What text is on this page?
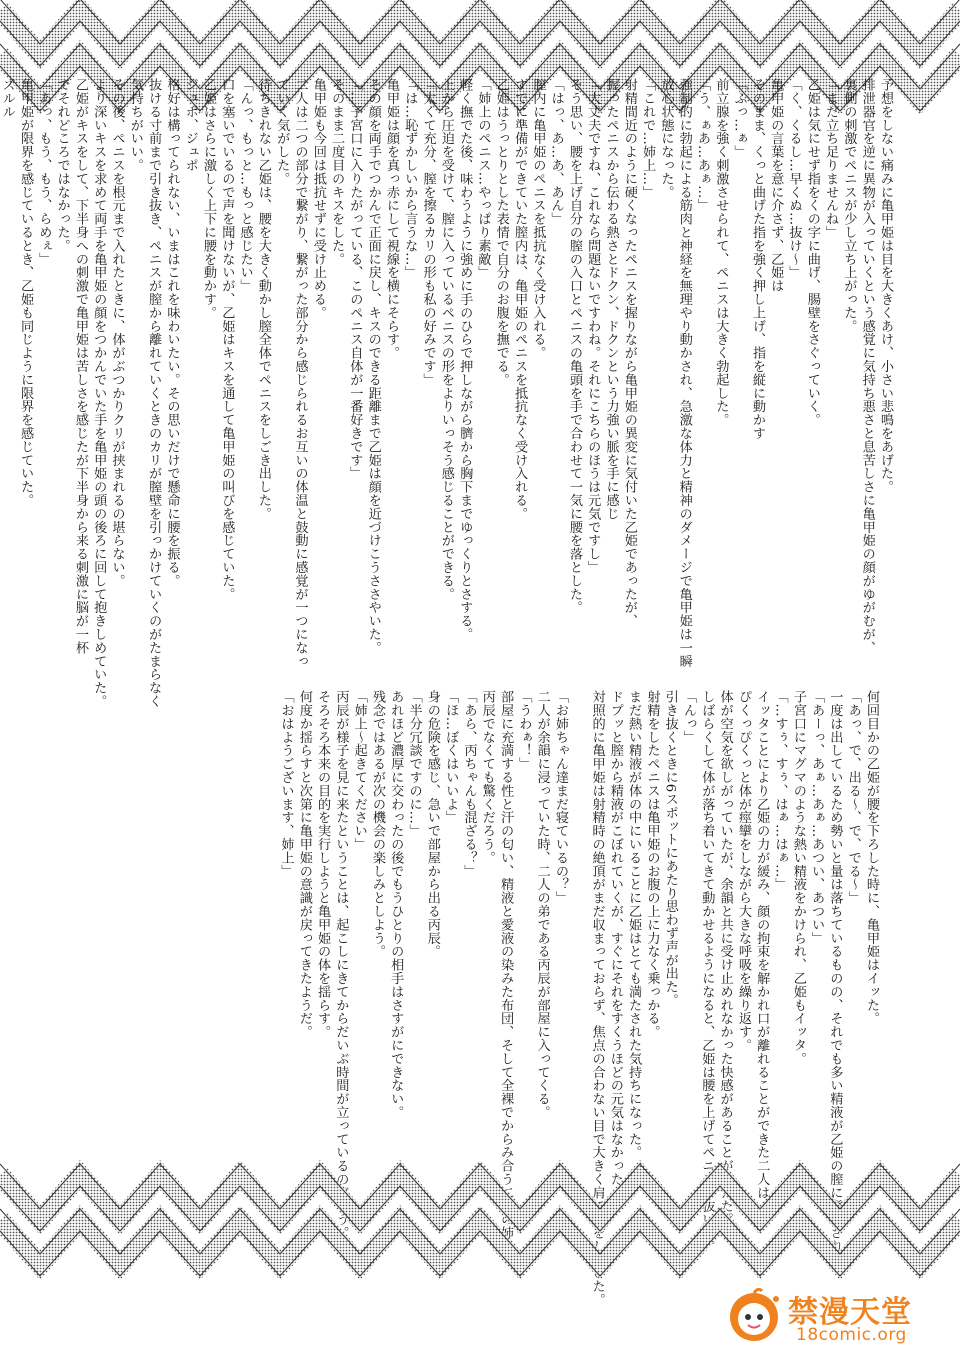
予想をしない痛みに亀甲姫は目を大きくあけ、小さい悲鳴をあげた。
排泄器官を逆に異物が入っていくという感覚に気持ち悪さと息苦しさに亀甲姫の顔がゆがむが、
裏側の刺激でペニスが少し立ち上がった。
「まだ立ち足りませんね」
乙姫は気にせず指をくの字に曲げ、腸壁をさぐっていく。
「く、くるし…早くぬ…抜け〜」
亀甲姫の言葉を意に介さず、乙姫は
そのまま、くっと曲げた指を強く押し上げ、指を縦に動かす
「ふっ…ぁ」
前立腺を強く刺激させられて、ペニスは大きく勃起した。
「う、ぁあ…あぁ…」
強制的に勃起による筋肉と神経を無理やり動かされ、急激な体力と精神のダメージで亀甲姫は一瞬
放心状態になった。
「これで…姉上…」
射精間近のように硬くなったペニスを握りながら亀甲姫の異変に気付いた乙姫であったが、
握ったペニスから伝わる熱さとドクン、ドクンという力強い脈を手に感じ
「大丈夫ですね、これなら問題ないですわね。それにこちらのほうは元気ですし」
そう思い、腰を上げ自分の膣の入口とペニスの亀頭を手で合わせて一気に腰を落とした。
「はっ、あ…あ、あん」
膣内に亀甲姫のペニスを抵抗なく受け入れる。
すでに準備ができていた膣内は、亀甲姫のペニスを抵抗なく受け入れる。
乙姫はうっとりとした表情で自分のお腹を撫でる。
「姉上のペニス…やっぱり素敵」
軽く撫でた後、味わうように強めに手のひらで押しながら臍から胸下までゆっくりとさする。
上から圧迫を受けて、膣に入っているペニスの形をよりいっそう感じることができる。
「太くて充分、膣を擦るカリの形も私の好みです」
「は…恥ずかしいから言うな…」
亀甲姫は顔を真っ赤にして視線を横にそらす。
その顔を両手でつかんで正面に戻し、キスのできる距離まで乙姫は顔を近づけこうささやいた。
「…子宮口に入りたがっている、このペニス自体が一番好きです」
そのまま二度目のキスをした。
亀甲姫も今回は抵抗せずに受け止める。
二人は二つの部分で繋がり、繋がった部分から感じられるお互いの体温と鼓動に感覚が一つになっ
ていく気がした。
待ちきれない乙姫は、腰を大きく動かし膣全体でペニスをしごき出した。
「んっ、もっと…もっと感じたい」
口を塞いでいるので声を聞けないが、乙姫はキスを通して亀甲姫の叫びを感じていた。
乙姫はさらに激しく上下に腰を動かす。
ジュポ、ジュポ
格好は構ってられない、いまはこれを味わいたい。その思いだけで懸命に腰を振る。
抜ける寸前まで引き抜き、ペニスが膣から離れていくときのカリが膣壁を引っかけていくのがたまらなく
気持ちがいい。
その後、ペニスを根元まで入れたときに、体がぶつかりクリが挟まれるの堪らない。
より深いキスを求めて両手を亀甲姫の顔をつかんでいた手を亀甲姫の頭の後ろに回して抱きしめていた。
乙姫がキスをして、下半身への刺激で亀甲姫は苦しさを感じたが下半身から来る刺激に脳が一杯
でそれどころではなかった。
「あっ、もう、もう、らめぇ」
亀甲姫が限界を感じているとき、乙姫も同じように限界を感じていた。
ズルル

何回目かの乙姫が腰を下ろした時に、亀甲姫はイッた。
「あっ、で、出る〜、で、でる〜」
一度は出しているため勢いと量は落ちているものの、それでも多い精液が乙姫の膣に発射された。
「あーっ、あぁ…あぁ…あつい、あつい」
子宮口にマグマのような熱い精液をかけられ、乙姫もイッタ。
「…すぅ、すぅ、はぁ…はぁ…」
イッタことにより乙姫の力が緩み、顔の拘束を解かれ口が離れることができた二人は
ぴくっぴくっと体が痙攣をしながら大きな呼吸を繰り返す。
体が空気を欲しがっていたが、余韻と共に受け止めれなかった快感があることが伺えた。
しばらくして体が落ち着いてきて動かせるようになると、乙姫は腰を上げてペニスを抜いた。
「んっ」
引き抜くときに6スポットにあたり思わず声が出た。
射精をしたペニスは亀甲姫のお腹の上に力なく乗っかる。
まだ熱い精液が体の中にいることに乙姫はとても満たされた気持ちになった。
ドプッと膣から精液がこぼれていくが、すぐにそれをすくうほどの元気はなかった。
対照的に亀甲姫は射精時の絶頂がまだ収まっておらず、焦点の合わない目で大きく肩で息をしていた。

「お姉ちゃん達まだ寝ているの？」
二人が余韻に浸っていた時、二人の弟である丙辰が部屋に入ってくる。
「うわぁ！」
部屋に充満する性と汗の匂い、精液と愛液の染みた布団、そして全裸でからみ合う二人の姉
丙辰でなくても驚くだろう。
「あら、丙ちゃんも混ざる？」
「ほ…ぼくはいいよ」
身の危険を感じ、急いで部屋から出る丙辰。
「半分冗談ですのに…」
あれほど濃厚に交わったの後でもうひとりの相手はさすがにできない。
残念ではあるが次の機会の楽しみとしよう。
「姉上〜起きてください」
丙辰が様子を見に来たということは、起こしにきてからだいぶ時間が立っているのだろう。
そろそろ本来の目的を実行しようと亀甲姫の体を揺らす。
何度か揺らすと次第に亀甲姫の意識が戻ってきたようだ。
「おはようございます、姉上」
禁漫天堂
18comic.org
